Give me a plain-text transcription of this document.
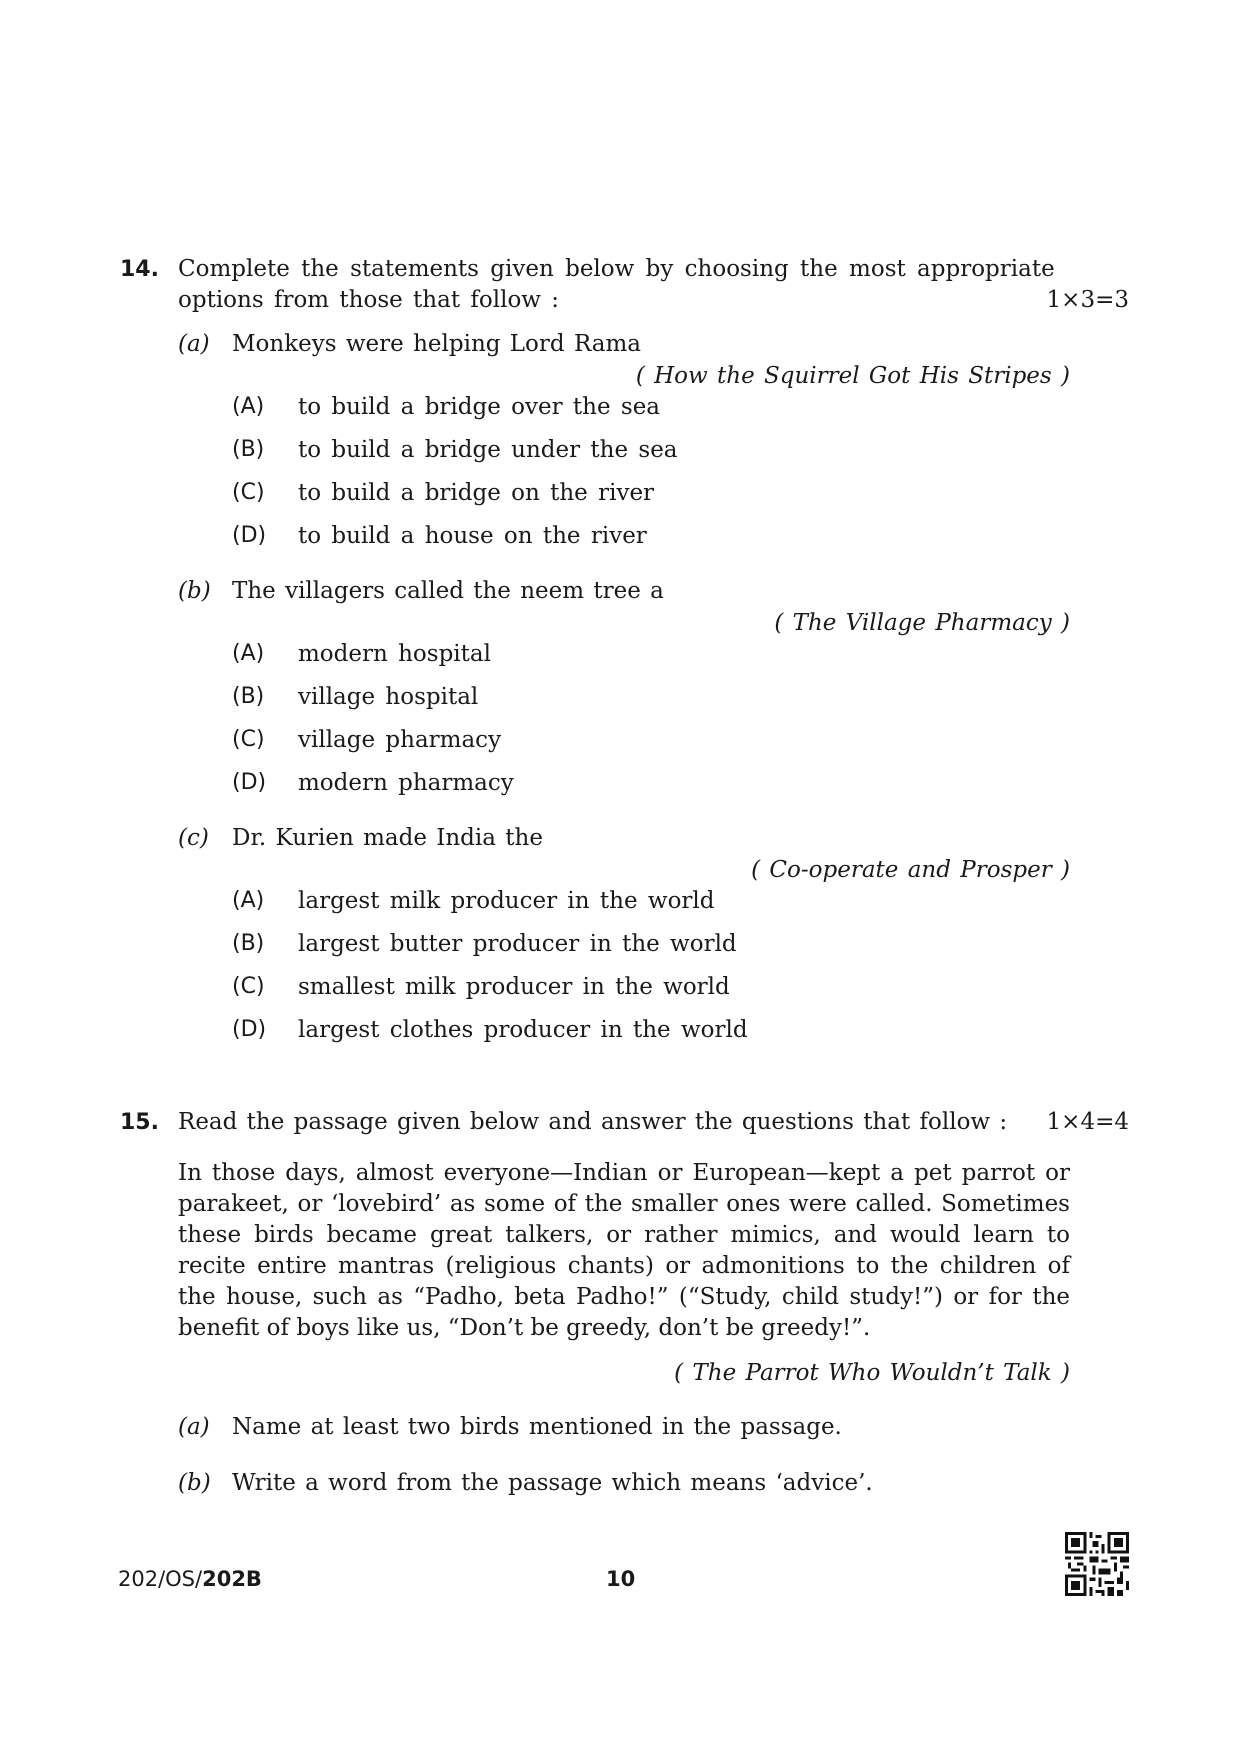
14. Complete the statements given below by choosing the most appropriate
options from those that follow :	1×3=3
(a) Monkeys were helping Lord Rama
( How the Squirrel Got His Stripes )
(A) to build a bridge over the sea
(B) to build a bridge under the sea
(C) to build a bridge on the river
(D) to build a house on the river
(b) The villagers called the neem tree a
( The Village Pharmacy )
(A) modern hospital
(B) village hospital
(C) village pharmacy
(D) modern pharmacy
(c) Dr. Kurien made India the
( Co-operate and Prosper )
(A) largest milk producer in the world
(B) largest butter producer in the world
(C) smallest milk producer in the world
(D) largest clothes producer in the world
15. Read the passage given below and answer the questions that follow : 1×4=4
In those days, almost everyone—Indian or European—kept a pet parrot or parakeet, or ‘lovebird’ as some of the smaller ones were called. Sometimes these birds became great talkers, or rather mimics, and would learn to recite entire mantras (religious chants) or admonitions to the children of the house, such as “Padho, beta Padho!” (“Study, child study!”) or for the benefit of boys like us, “Don’t be greedy, don’t be greedy!”.
( The Parrot Who Wouldn’t Talk )
(a) Name at least two birds mentioned in the passage.
(b) Write a word from the passage which means ‘advice’.
202/OS/202B	10
